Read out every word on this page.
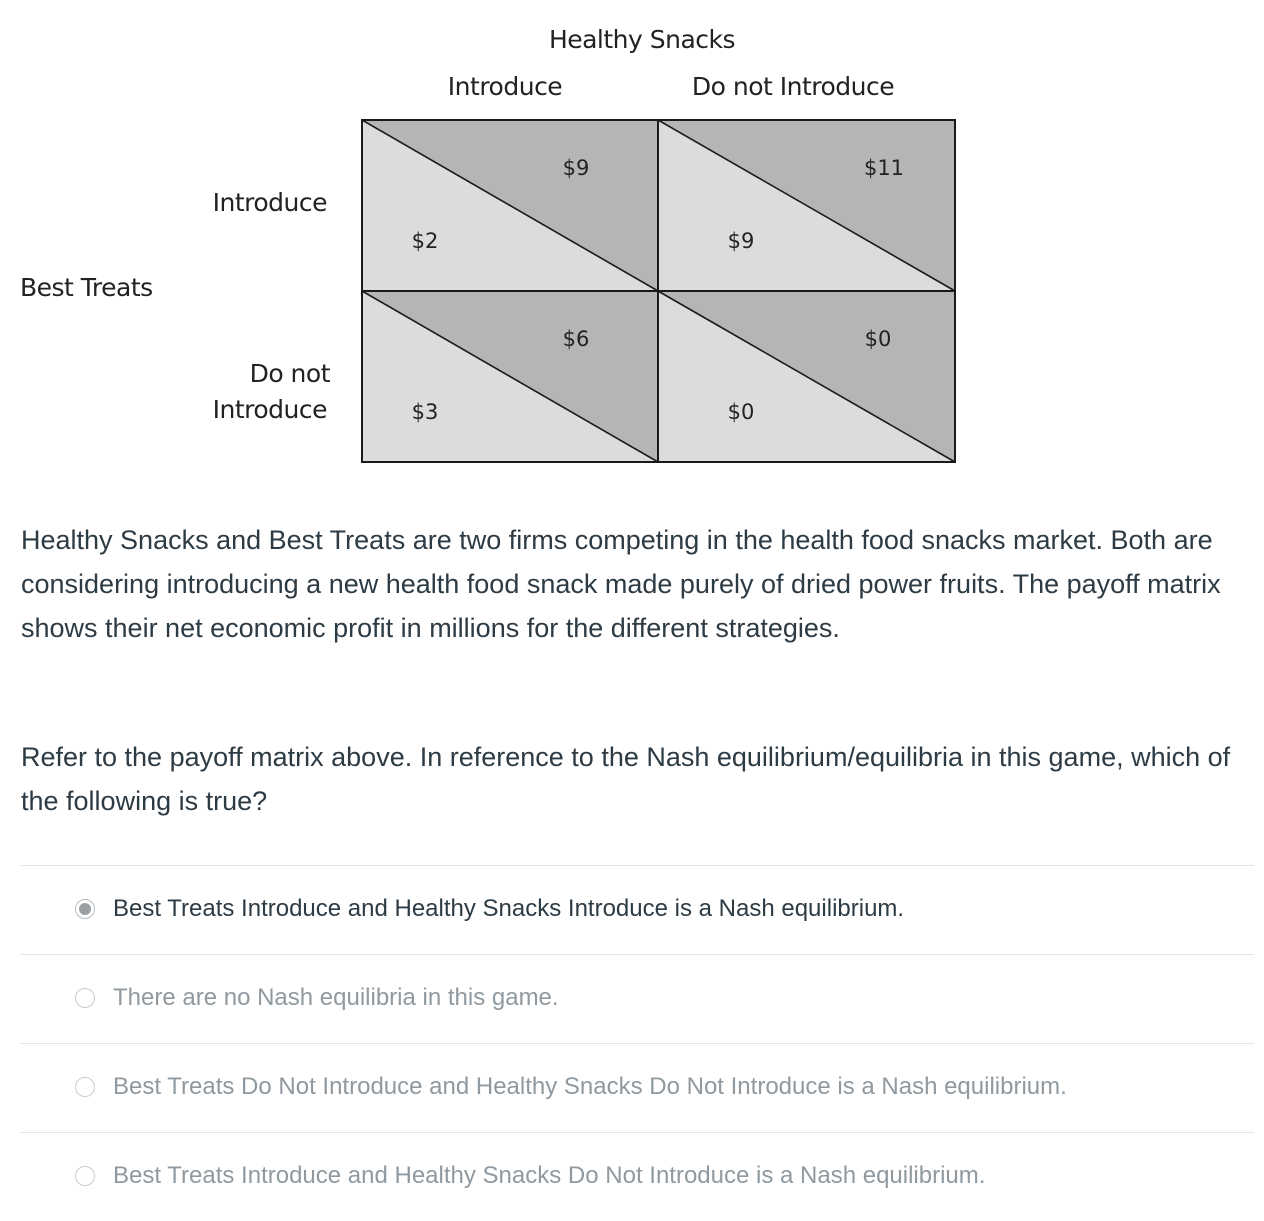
Healthy Snacks
Introduce	Do not Introduce
Best Treats
Introduce
Do not
Introduce
$9
$2
$11
$9
$6
$3
$0
$0

Healthy Snacks and Best Treats are two firms competing in the health food snacks market. Both are considering introducing a new health food snack made purely of dried power fruits. The payoff matrix shows their net economic profit in millions for the different strategies.

Refer to the payoff matrix above. In reference to the Nash equilibrium/equilibria in this game, which of the following is true?

Best Treats Introduce and Healthy Snacks Introduce is a Nash equilibrium.
There are no Nash equilibria in this game.
Best Treats Do Not Introduce and Healthy Snacks Do Not Introduce is a Nash equilibrium.
Best Treats Introduce and Healthy Snacks Do Not Introduce is a Nash equilibrium.
